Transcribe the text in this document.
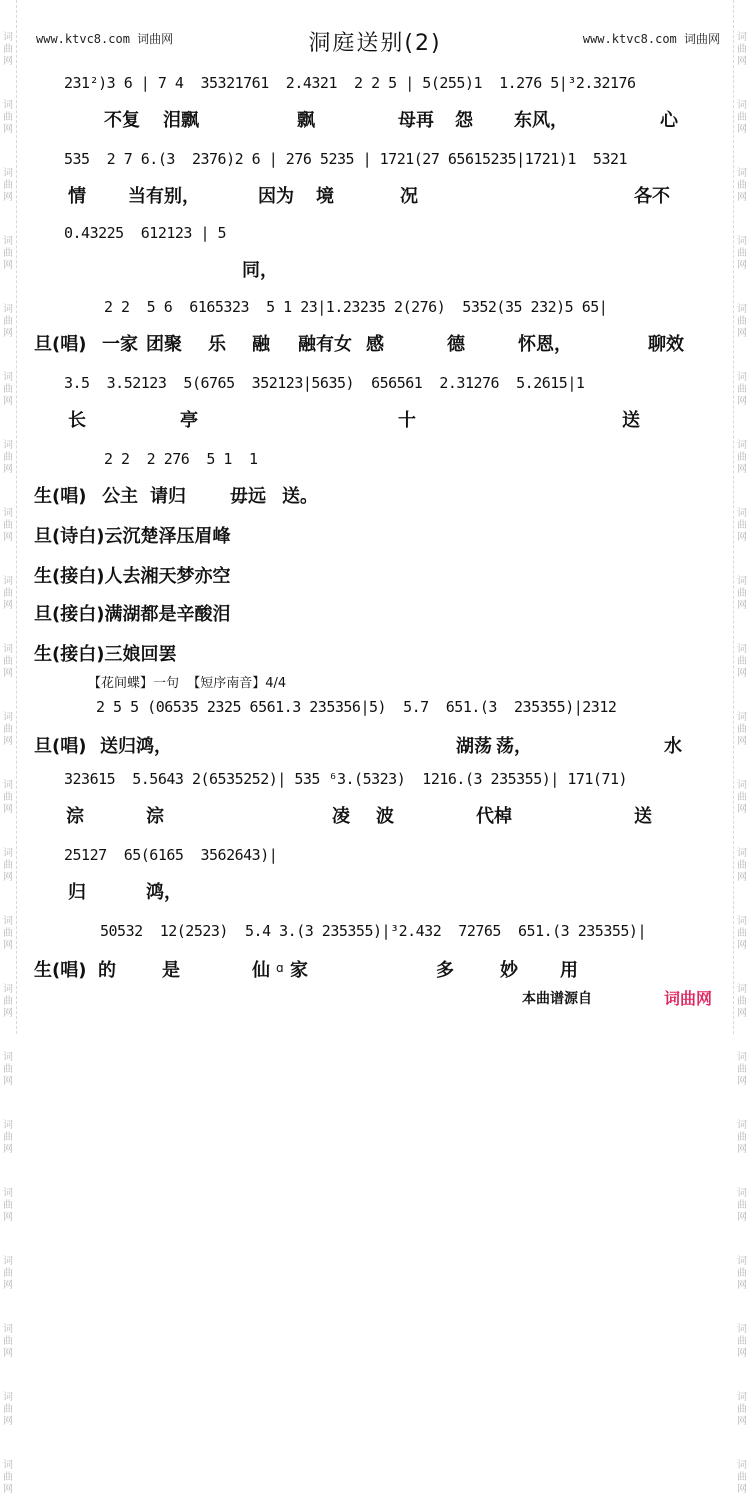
词曲网
词曲网
词曲网
词曲网
词曲网
词曲网
词曲网
词曲网
词曲网
词曲网
词曲网
词曲网
词曲网
词曲网
词曲网
词曲网
词曲网
词曲网
词曲网
词曲网
词曲网
词曲网
词曲网
词曲网
词曲网
词曲网
词曲网
词曲网
词曲网
词曲网
词曲网
词曲网
词曲网
词曲网
词曲网
词曲网
词曲网
词曲网
词曲网
词曲网
词曲网
词曲网
词曲网
词曲网
www.ktvc8.com 词曲网	www.ktvc8.com 词曲网
洞庭送别(2)
231²)3 6 | 7 4  35321761  2.4321  2 2 5 | 5(255)1  1.276 5|³2.32176

不复

泪飘

	飘

	母再

怨

东风，

	心

535  2 7 6.(3  2376)2 6 | 276 5235 | 1721(27 65615235|1721)1  5321

情

当有别，

	因为

境

	况

	各不

0.43225  612123 | 5

同，

2 2  5 6  6165323  5 1 23|1.23235 2(276)  5352(35 232)5 65|
旦(唱)

一家

团聚

乐

融

融有女

感

	德

	怀恩，

	聊效

3.5  3.52123  5(6765  352123|5635)  656561  2.31276  5.2615|1

长

	亭

	十

	送

2 2  2 276  5 1  1
生(唱)

公主

请归

毋远

送。

旦(诗白)云沉楚泽压眉峰
生(接白)人去湘天梦亦空
旦(接白)满湖都是辛酸泪
生(接白)三娘回罢
【花间蝶】一句  【短序南音】4/4
2 5 5 (06535 2325 6561.3 235356|5)  5.7  651.(3  235355)|2312
旦(唱)

送归鸿，

	湖荡

荡，

	水

323615  5.5643 2(6535252)| 535 ⁶3.(5323)  1216.(3 235355)| 171(71)

淙

	淙

	凌

波

	代棹

	送

25127  65(6165  3562643)|

归

	鸿，

50532  12(2523)  5.4 3.(3 235355)|³2.432  72765  651.(3 235355)|
生(唱)

的

	是

	仙

ɑ

家

	多

	妙

用

本曲谱源自	词曲网
